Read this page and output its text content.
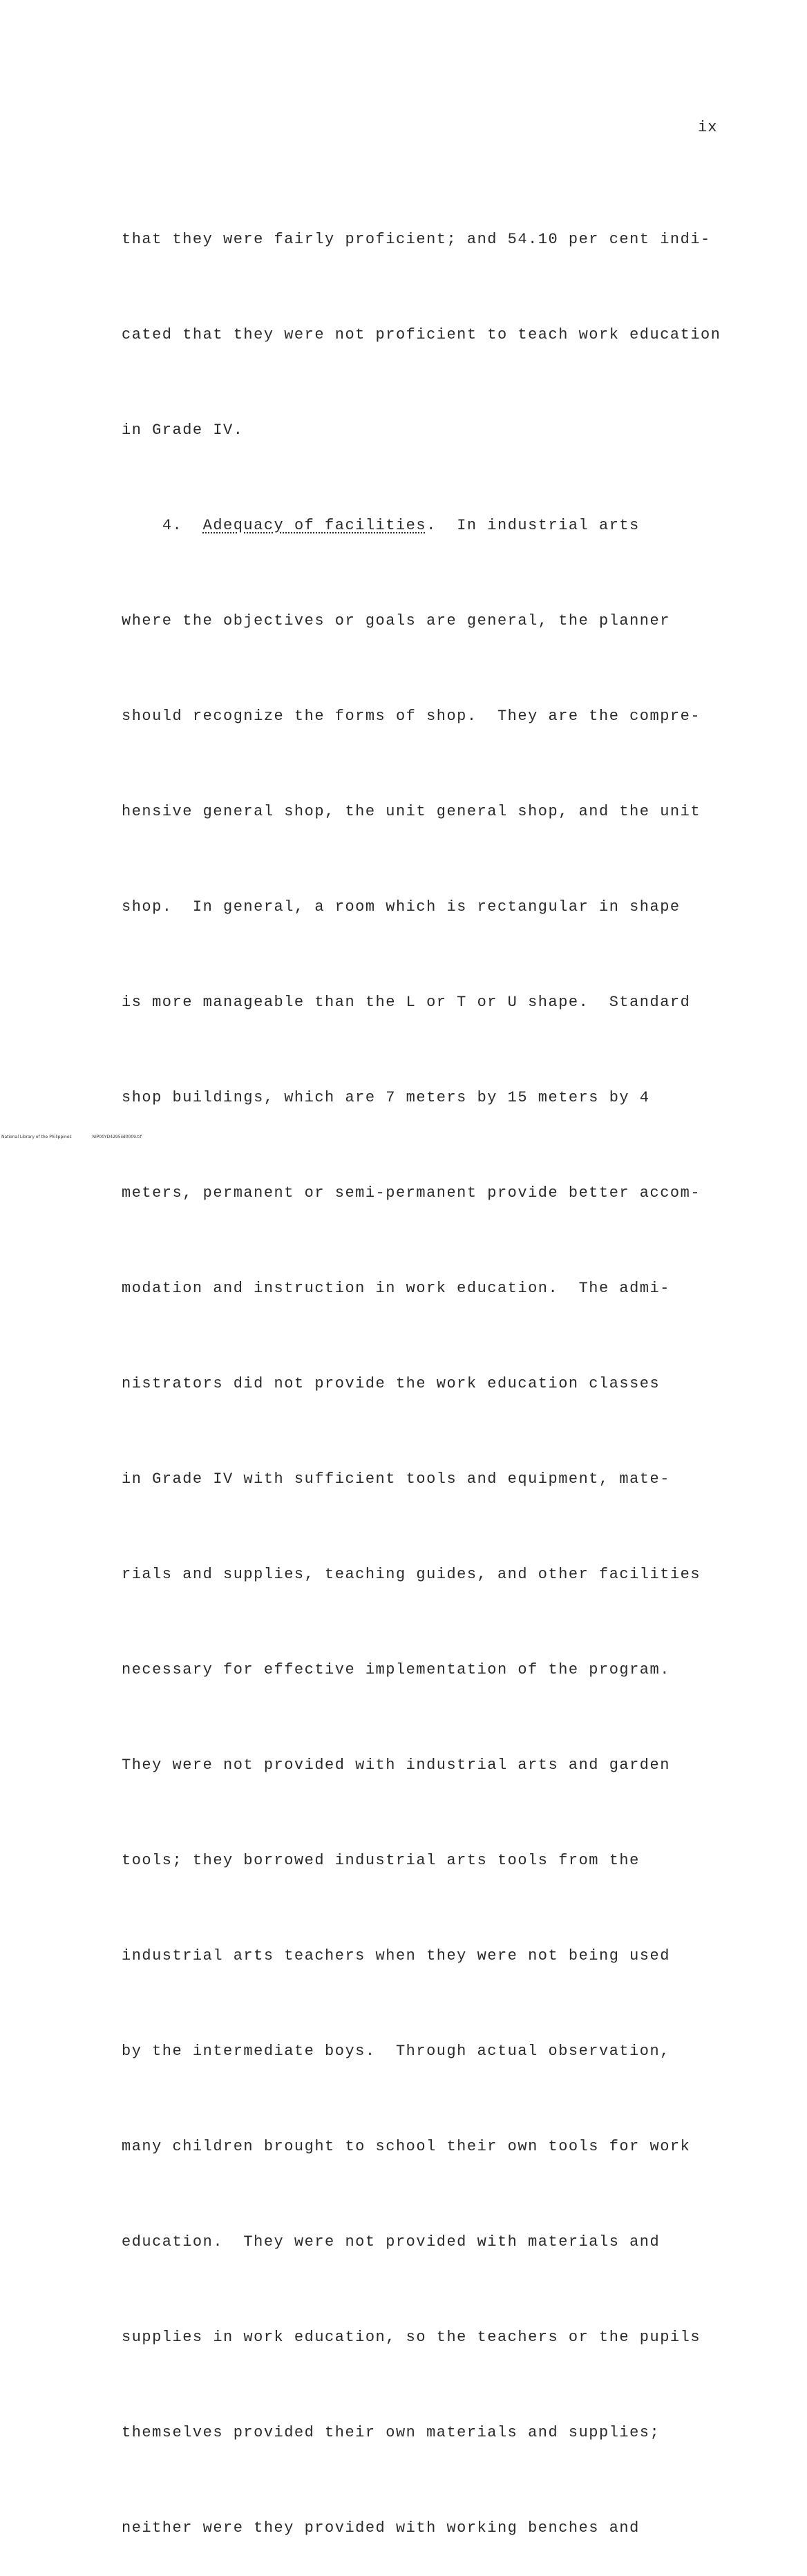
ix

that they were fairly proficient; and 54.10 per cent indi-

cated that they were not proficient to teach work education

in Grade IV.

4. Adequacy of facilities.  In industrial arts

where the objectives or goals are general, the planner

should recognize the forms of shop.  They are the compre-

hensive general shop, the unit general shop, and the unit

shop.  In general, a room which is rectangular in shape

is more manageable than the L or T or U shape.  Standard

shop buildings, which are 7 meters by 15 meters by 4

meters, permanent or semi-permanent provide better accom-

modation and instruction in work education.  The admi-

nistrators did not provide the work education classes

in Grade IV with sufficient tools and equipment, mate-

rials and supplies, teaching guides, and other facilities

necessary for effective implementation of the program.

They were not provided with industrial arts and garden

tools; they borrowed industrial arts tools from the

industrial arts teachers when they were not being used

by the intermediate boys.  Through actual observation,

many children brought to school their own tools for work

education.  They were not provided with materials and

supplies in work education, so the teachers or the pupils

themselves provided their own materials and supplies;

neither were they provided with working benches and

National Library of the Philippines	NIP00YD4295iid0009.tif
